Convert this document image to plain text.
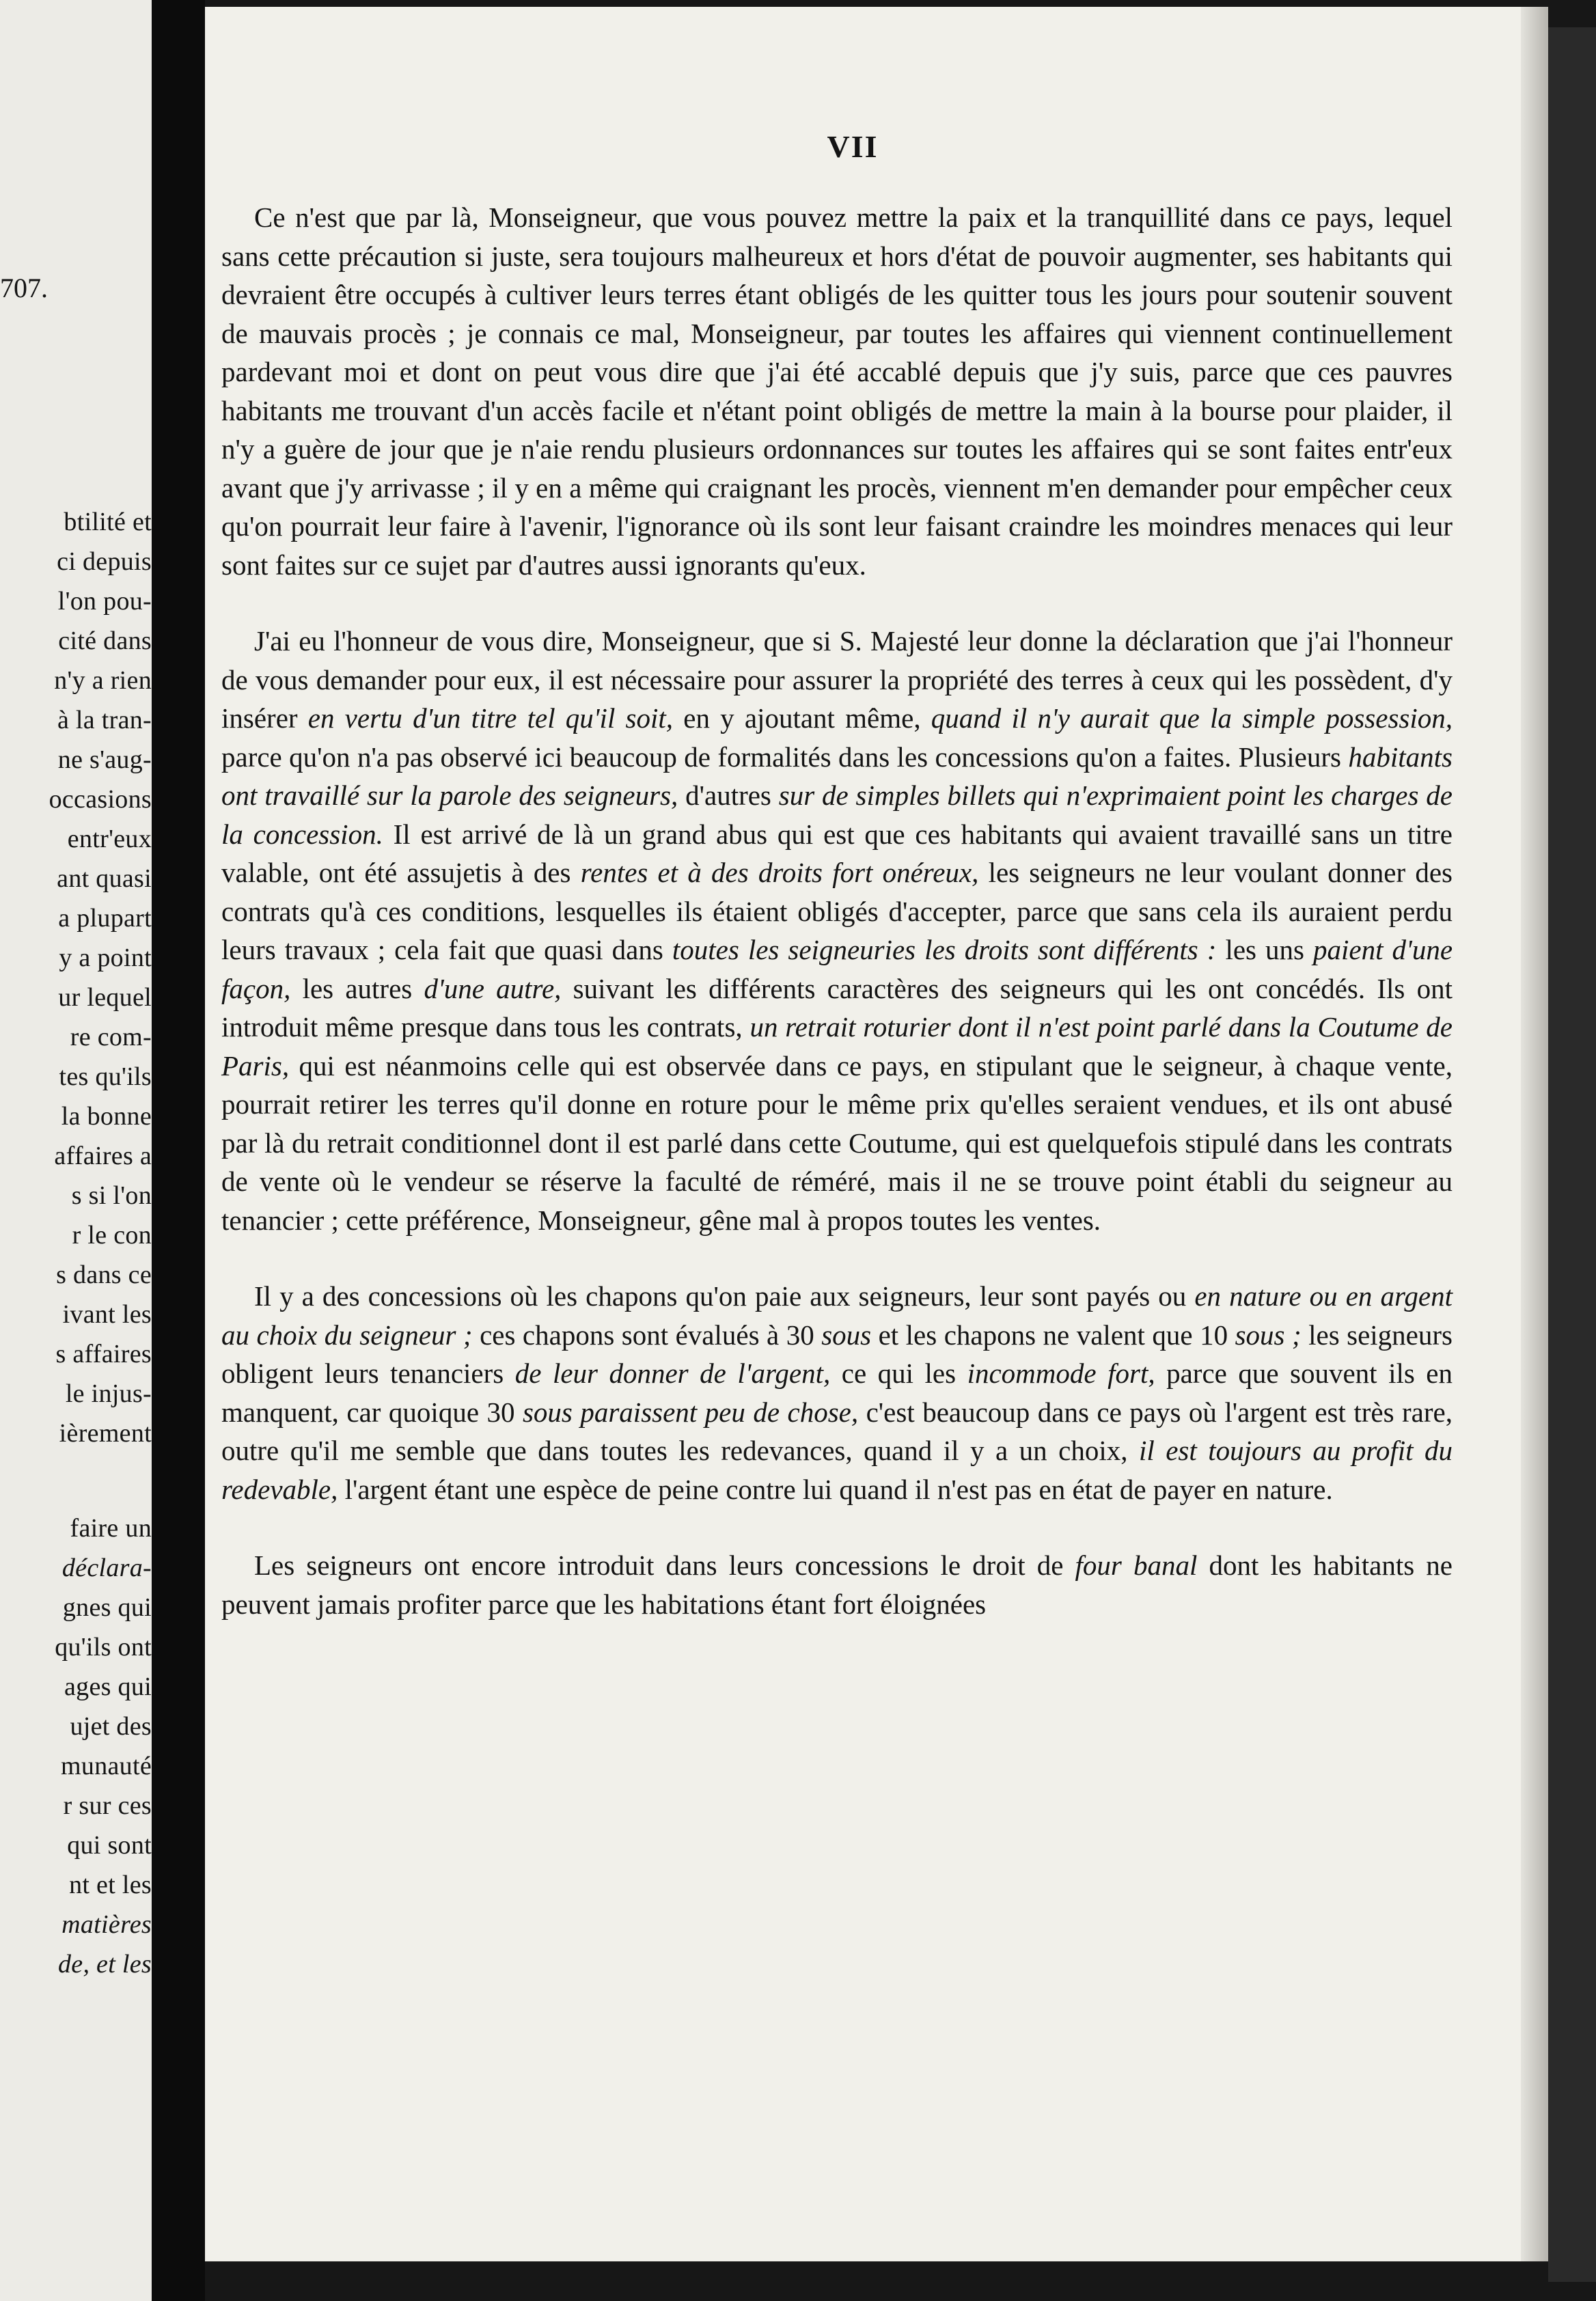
707.
btilité et
ci depuis
l'on pou-
cité dans
n'y a rien
à la tran-
ne s'aug-
occasions
entr'eux
ant quasi
a plupart
y a point
ur lequel
re com-
tes qu'ils
la bonne
affaires a
s si l'on
r le con
s dans ce
ivant les
s affaires
le injus-
ièrement
faire un
déclara-
gnes qui
qu'ils ont
ages qui
ujet des
munauté
r sur ces
qui sont
nt et les
matières
de, et les
VII

Ce n'est que par là, Monseigneur, que vous pouvez mettre la paix et la tranquillité dans ce pays, lequel sans cette précaution si juste, sera toujours malheureux et hors d'état de pouvoir augmenter, ses habitants qui devraient être occupés à cultiver leurs terres étant obligés de les quitter tous les jours pour soutenir souvent de mauvais procès ; je connais ce mal, Monseigneur, par toutes les affaires qui viennent continuellement pardevant moi et dont on peut vous dire que j'ai été accablé depuis que j'y suis, parce que ces pauvres habitants me trouvant d'un accès facile et n'étant point obligés de mettre la main à la bourse pour plaider, il n'y a guère de jour que je n'aie rendu plusieurs ordonnances sur toutes les affaires qui se sont faites entr'eux avant que j'y arrivasse ; il y en a même qui craignant les procès, viennent m'en demander pour empêcher ceux qu'on pourrait leur faire à l'avenir, l'ignorance où ils sont leur faisant craindre les moindres menaces qui leur sont faites sur ce sujet par d'autres aussi ignorants qu'eux.

J'ai eu l'honneur de vous dire, Monseigneur, que si S. Majesté leur donne la déclaration que j'ai l'honneur de vous demander pour eux, il est nécessaire pour assurer la propriété des terres à ceux qui les possèdent, d'y insérer en vertu d'un titre tel qu'il soit, en y ajoutant même, quand il n'y aurait que la simple possession, parce qu'on n'a pas observé ici beaucoup de formalités dans les concessions qu'on a faites. Plusieurs habitants ont travaillé sur la parole des seigneurs, d'autres sur de simples billets qui n'exprimaient point les charges de la concession. Il est arrivé de là un grand abus qui est que ces habitants qui avaient travaillé sans un titre valable, ont été assujetis à des rentes et à des droits fort onéreux, les seigneurs ne leur voulant donner des contrats qu'à ces conditions, lesquelles ils étaient obligés d'accepter, parce que sans cela ils auraient perdu leurs travaux ; cela fait que quasi dans toutes les seigneuries les droits sont différents : les uns paient d'une façon, les autres d'une autre, suivant les différents caractères des seigneurs qui les ont concédés. Ils ont introduit même presque dans tous les contrats, un retrait roturier dont il n'est point parlé dans la Coutume de Paris, qui est néanmoins celle qui est observée dans ce pays, en stipulant que le seigneur, à chaque vente, pourrait retirer les terres qu'il donne en roture pour le même prix qu'elles seraient vendues, et ils ont abusé par là du retrait conditionnel dont il est parlé dans cette Coutume, qui est quelquefois stipulé dans les contrats de vente où le vendeur se réserve la faculté de réméré, mais il ne se trouve point établi du seigneur au tenancier ; cette préférence, Monseigneur, gêne mal à propos toutes les ventes.

Il y a des concessions où les chapons qu'on paie aux seigneurs, leur sont payés ou en nature ou en argent au choix du seigneur ; ces chapons sont évalués à 30 sous et les chapons ne valent que 10 sous ; les seigneurs obligent leurs tenanciers de leur donner de l'argent, ce qui les incommode fort, parce que souvent ils en manquent, car quoique 30 sous paraissent peu de chose, c'est beaucoup dans ce pays où l'argent est très rare, outre qu'il me semble que dans toutes les redevances, quand il y a un choix, il est toujours au profit du redevable, l'argent étant une espèce de peine contre lui quand il n'est pas en état de payer en nature.

Les seigneurs ont encore introduit dans leurs concessions le droit de four banal dont les habitants ne peuvent jamais profiter parce que les habitations étant fort éloignées
